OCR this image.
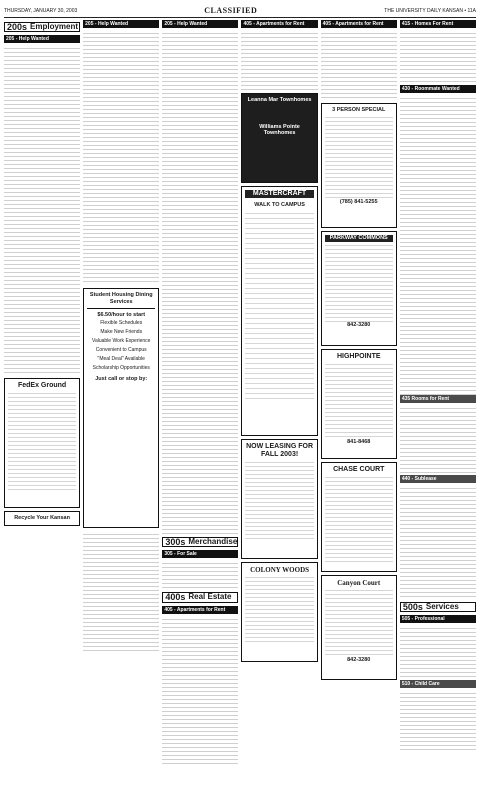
THURSDAY, JANUARY 30, 2003	CLASSIFIED	THE UNIVERSITY DAILY KANSAN • 11A
200s Employment
205 - Help Wanted
FedEx Ground
Recycle Your Kansan
205 - Help Wanted
Student Housing Dining Services
$6.50/hour to start
Flexible Schedules
Make New Friends
Valuable Work Experience
Convenient to Campus
"Meal Deal" Available
Scholarship Opportunities
Just call or stop by:
205 - Help Wanted
300s Merchandise
305 - For Sale
400s Real Estate
405 - Apartments for Rent
405 - Apartments for Rent
Leanna Mar Townhomes
Williams Pointe Townhomes
MASTERCRAFT
WALK TO CAMPUS
NOW LEASING FOR FALL 2003!
COLONY WOODS
405 - Apartments for Rent
3 PERSON SPECIAL
(785) 841-5255
PARKWAY COMMONS
842-3280
HIGHPOINTE
841-8468
CHASE COURT
Canyon Court
842-3280
415 - Homes For Rent
430 - Roommate Wanted
435 Rooms for Rent
440 - Sublease
500s Services
505 - Professional
510 - Child Care
